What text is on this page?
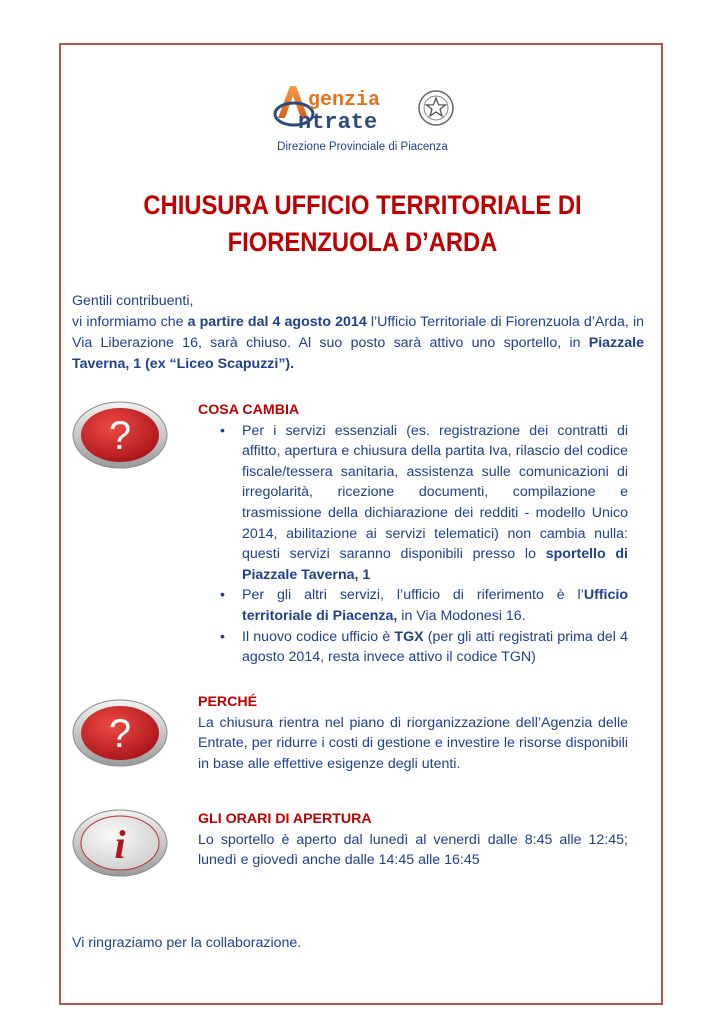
genzia
ntrate
Direzione Provinciale di Piacenza
CHIUSURA UFFICIO TERRITORIALE DI
FIORENZUOLA D’ARDA

Gentili contribuenti,

vi informiamo che a partire dal 4 agosto 2014 l’Ufficio Territoriale di Fiorenzuola d’Arda, in Via Liberazione 16, sarà chiuso. Al suo posto sarà attivo uno sportello, in Piazzale Taverna, 1 (ex “Liceo Scapuzzi”).

?
COSA CAMBIA
• Per i servizi essenziali (es. registrazione dei contratti di affitto, apertura e chiusura della partita Iva, rilascio del codice fiscale/tessera sanitaria, assistenza sulle comunicazioni di irregolarità, ricezione documenti, compilazione e trasmissione della dichiarazione dei redditi - modello Unico 2014, abilitazione ai servizi telematici) non cambia nulla: questi servizi saranno disponibili presso lo sportello di Piazzale Taverna, 1
• Per gli altri servizi, l’ufficio di riferimento è l’Ufficio territoriale di Piacenza, in Via Modonesi 16.
• Il nuovo codice ufficio è TGX (per gli atti registrati prima del 4 agosto 2014, resta invece attivo il codice TGN)
?
PERCHÉ

La chiusura rientra nel piano di riorganizzazione dell’Agenzia delle Entrate, per ridurre i costi di gestione e investire le risorse disponibili in base alle effettive esigenze degli utenti.

i
GLI ORARI DI APERTURA

Lo sportello è aperto dal lunedì al venerdì dalle 8:45 alle 12:45; lunedì e giovedì anche dalle 14:45 alle 16:45

Vi ringraziamo per la collaborazione.
